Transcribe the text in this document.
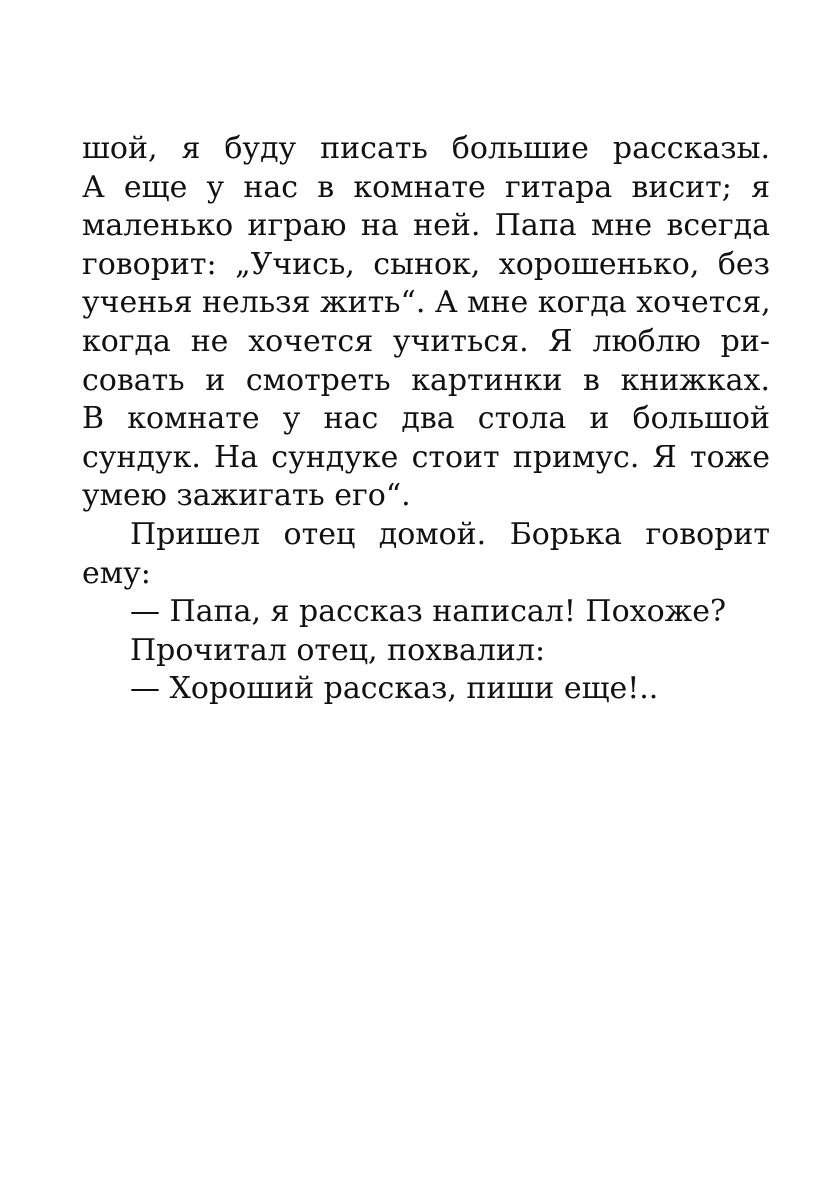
шой, я буду писать большие рассказы.
А еще у нас в комнате гитара висит; я
маленько играю на ней. Папа мне всегда
говорит: „Учись, сынок, хорошенько, без
ученья нельзя жить“. А мне когда хочется,
когда не хочется учиться. Я люблю ри-
совать и смотреть картинки в книжках.
В комнате у нас два стола и большой
сундук. На сундуке стоит примус. Я тоже
умею зажигать его“.
Пришел отец домой. Борька говорит
ему:
— Папа, я рассказ написал! Похоже?
Прочитал отец, похвалил:
— Хороший рассказ, пиши еще!..
